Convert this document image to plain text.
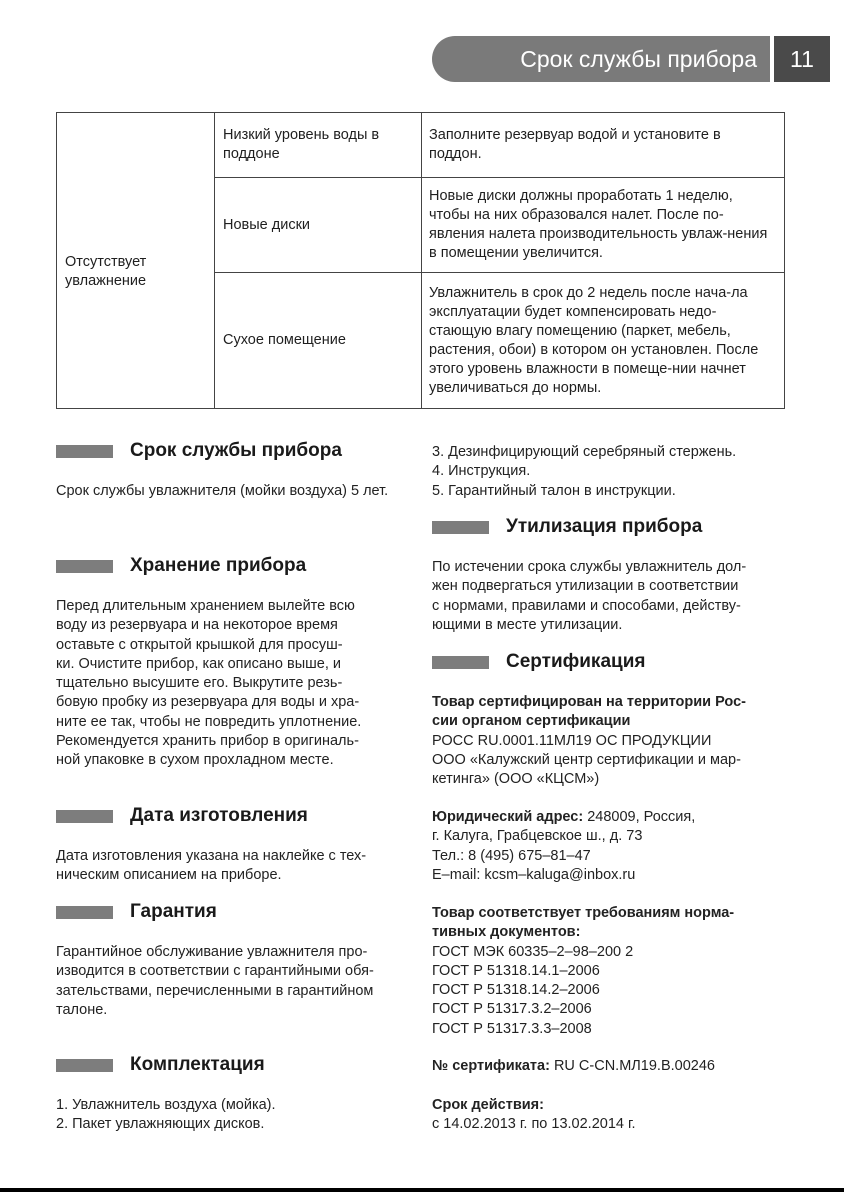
Срок службы прибора	11
Отсутствует увлажнение	Низкий уровень воды в поддоне	Заполните резервуар водой и установите в поддон.
	Новые диски	Новые диски должны проработать 1 неделю, чтобы на них образовался налет. После по-явления налета производительность увлаж-нения в помещении увеличится.
	Сухое помещение	Увлажнитель в срок до 2 недель после нача-ла эксплуатации будет компенсировать недо-стающую влагу помещению (паркет, мебель, растения, обои) в котором он установлен. После этого уровень влажности в помеще-нии начнет увеличиваться до нормы.
Срок службы прибора
Срок службы увлажнителя (мойки воздуха) 5 лет.
Хранение прибора
Перед длительным хранением вылейте всю
воду из резервуара и на некоторое время
оставьте с открытой крышкой для просуш-
ки. Очистите прибор, как описано выше, и
тщательно высушите его. Выкрутите резь-
бовую пробку из резервуара для воды и хра-
ните ее так, чтобы не повредить уплотнение.
Рекомендуется хранить прибор в оригиналь-
ной упаковке в сухом прохладном месте.
Дата изготовления
Дата изготовления указана на наклейке с тех-
ническим описанием на приборе.
Гарантия
Гарантийное обслуживание увлажнителя про-
изводится в соответствии с гарантийными обя-
зательствами, перечисленными в гарантийном
талоне.
Комплектация
1. Увлажнитель воздуха (мойка).
2. Пакет увлажняющих дисков.
3. Дезинфицирующий серебряный стержень.
4. Инструкция.
5. Гарантийный талон в инструкции.
Утилизация прибора
По истечении срока службы увлажнитель дол-
жен подвергаться утилизации в соответствии
с нормами, правилами и способами, действу-
ющими в месте утилизации.
Сертификация
Товар сертифицирован на территории Рос-
сии органом сертификации
РОСС RU.0001.11МЛ19 ОС ПРОДУКЦИИ
ООО «Калужский центр сертификации и мар-
кетинга» (ООО «КЦСМ»)
Юридический адрес: 248009, Россия,
г. Калуга, Грабцевское ш., д. 73
Тел.: 8 (495) 675–81–47
E–mail: kcsm–kaluga@inbox.ru
Товар соответствует требованиям норма-
тивных документов:
ГОСТ МЭК 60335–2–98–200 2
ГОСТ Р 51318.14.1–2006
ГОСТ Р 51318.14.2–2006
ГОСТ Р 51317.3.2–2006
ГОСТ Р 51317.3.3–2008
№ сертификата: RU C-CN.МЛ19.В.00246
Срок действия:
с 14.02.2013 г. по 13.02.2014 г.
